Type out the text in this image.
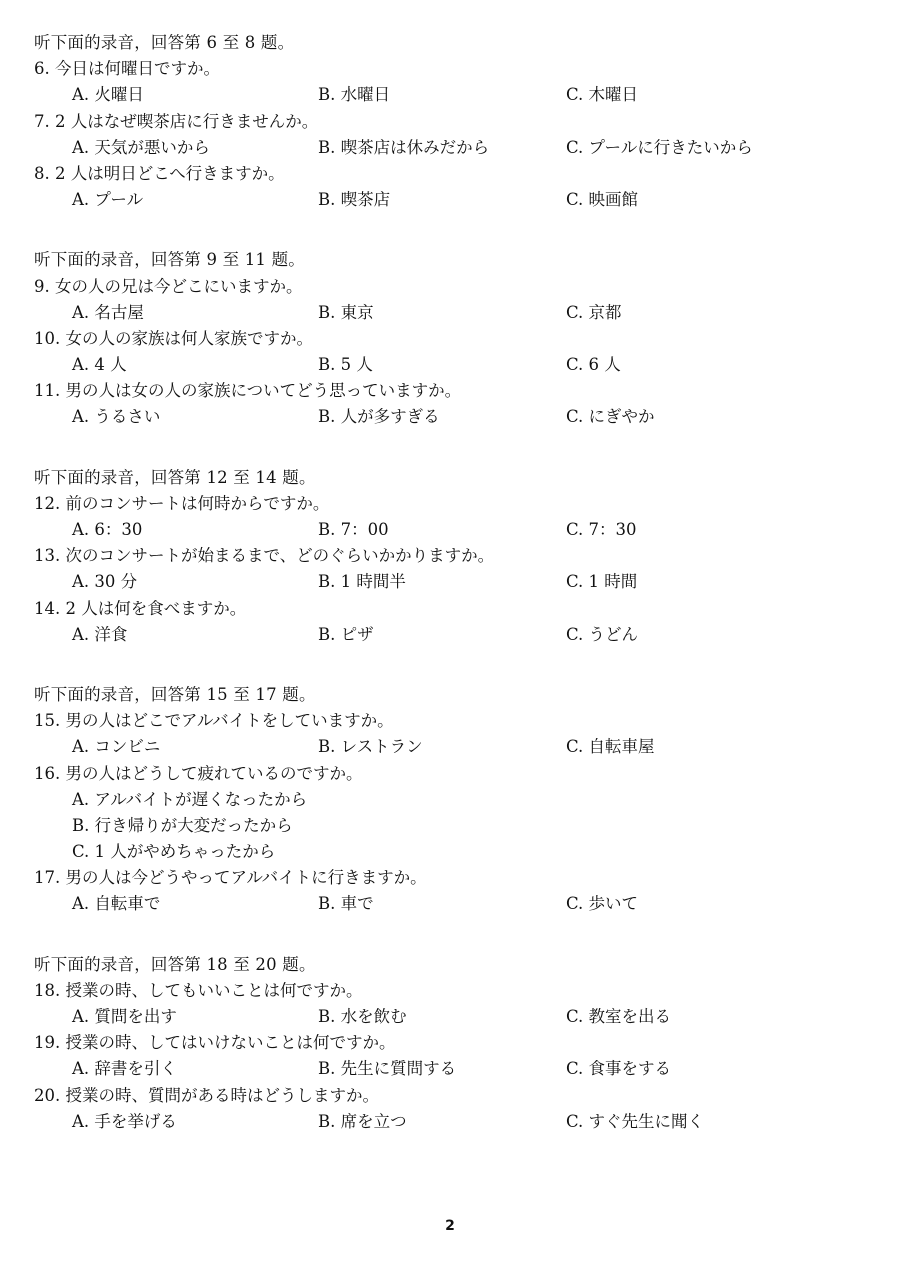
听下面的录音，回答第 6 至 8 题。
6. 今日は何曜日ですか。
A. 火曜日	B. 水曜日	C. 木曜日
7. 2 人はなぜ喫茶店に行きませんか。
A. 天気が悪いから	B. 喫茶店は休みだから	C. プールに行きたいから
8. 2 人は明日どこへ行きますか。
A. プール	B. 喫茶店	C. 映画館
听下面的录音，回答第 9 至 11 题。
9. 女の人の兄は今どこにいますか。
A. 名古屋	B. 東京	C. 京都
10. 女の人の家族は何人家族ですか。
A. 4 人	B. 5 人	C. 6 人
11. 男の人は女の人の家族についてどう思っていますか。
A. うるさい	B. 人が多すぎる	C. にぎやか
听下面的录音，回答第 12 至 14 题。
12. 前のコンサートは何時からですか。
A. 6：30	B. 7：00	C. 7：30
13. 次のコンサートが始まるまで、どのぐらいかかりますか。
A. 30 分	B. 1 時間半	C. 1 時間
14. 2 人は何を食べますか。
A. 洋食	B. ピザ	C. うどん
听下面的录音，回答第 15 至 17 题。
15. 男の人はどこでアルバイトをしていますか。
A. コンビニ	B. レストラン	C. 自転車屋
16. 男の人はどうして疲れているのですか。
A. アルバイトが遅くなったから
B. 行き帰りが大変だったから
C. 1 人がやめちゃったから
17. 男の人は今どうやってアルバイトに行きますか。
A. 自転車で	B. 車で	C. 歩いて
听下面的录音，回答第 18 至 20 题。
18. 授業の時、してもいいことは何ですか。
A. 質問を出す	B. 水を飲む	C. 教室を出る
19. 授業の時、してはいけないことは何ですか。
A. 辞書を引く	B. 先生に質問する	C. 食事をする
20. 授業の時、質問がある時はどうしますか。
A. 手を挙げる	B. 席を立つ	C. すぐ先生に聞く
2
